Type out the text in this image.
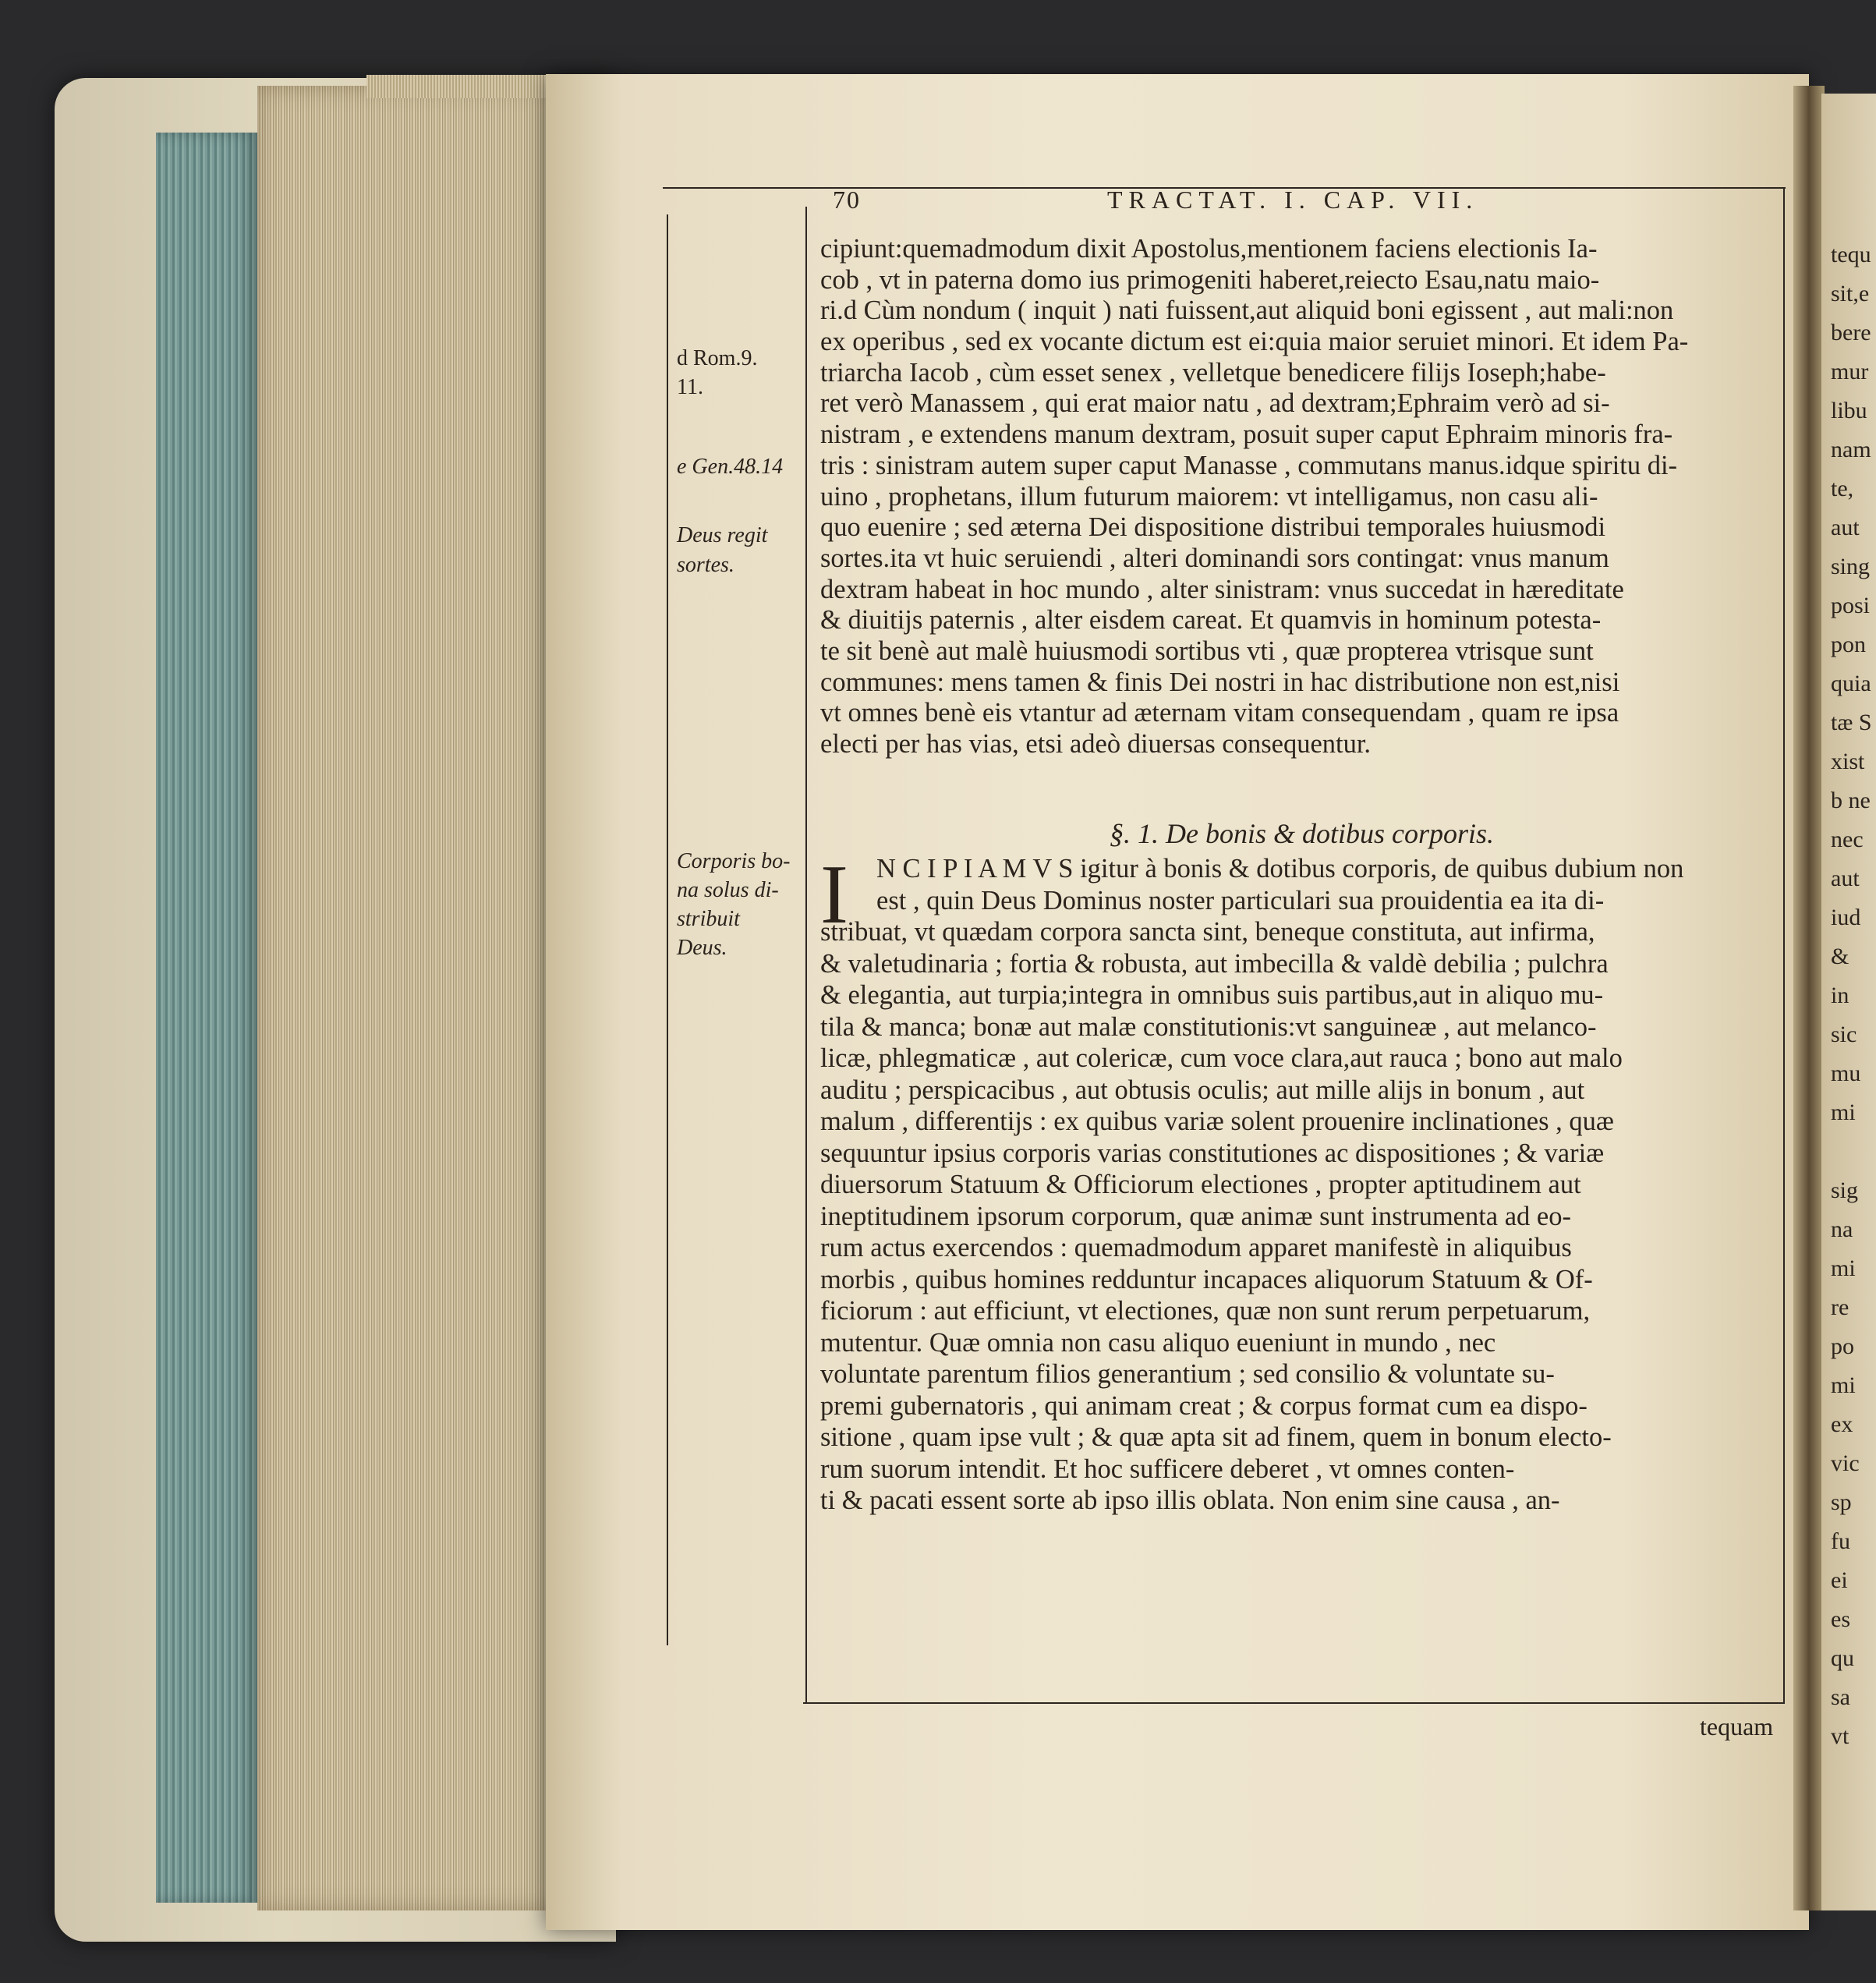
70	TRACTAT. I. CAP. VII.
d Rom.9.
11.
e Gen.48.14
Deus regit
sortes.
Corporis bo-
na solus di-
stribuit
Deus.
cipiunt:quemadmodum dixit Apostolus,mentionem faciens electionis Ia-
cob , vt in paterna domo ius primogeniti haberet,reiecto Esau,natu maio-
ri.d Cùm nondum ( inquit ) nati fuissent,aut aliquid boni egissent , aut mali:non
ex operibus , sed ex vocante dictum est ei:quia maior seruiet minori. Et idem Pa-
triarcha Iacob , cùm esset senex , velletque benedicere filijs Ioseph;habe-
ret verò Manassem , qui erat maior natu , ad dextram;Ephraim verò ad si-
nistram , e extendens manum dextram, posuit super caput Ephraim minoris fra-
tris : sinistram autem super caput Manasse , commutans manus.idque spiritu di-
uino , prophetans, illum futurum maiorem: vt intelligamus, non casu ali-
quo euenire ; sed æterna Dei dispositione distribui temporales huiusmodi
sortes.ita vt huic seruiendi , alteri dominandi sors contingat: vnus manum
dextram habeat in hoc mundo , alter sinistram: vnus succedat in hæreditate
& diuitijs paternis , alter eisdem careat. Et quamvis in hominum potesta-
te sit benè aut malè huiusmodi sortibus vti , quæ propterea vtrisque sunt
communes: mens tamen & finis Dei nostri in hac distributione non est,nisi
vt omnes benè eis vtantur ad æternam vitam consequendam , quam re ipsa
electi per has vias, etsi adeò diuersas consequentur.
§. 1. De bonis & dotibus corporis.
I	N C I P I A M V S igitur à bonis & dotibus corporis, de quibus dubium non
est , quin Deus Dominus noster particulari sua prouidentia ea ita di-
stribuat, vt quædam corpora sancta sint, beneque constituta, aut infirma,
& valetudinaria ; fortia & robusta, aut imbecilla & valdè debilia ; pulchra
& elegantia, aut turpia;integra in omnibus suis partibus,aut in aliquo mu-
tila & manca; bonæ aut malæ constitutionis:vt sanguineæ , aut melanco-
licæ, phlegmaticæ , aut colericæ, cum voce clara,aut rauca ; bono aut malo
auditu ; perspicacibus , aut obtusis oculis; aut mille alijs in bonum , aut
malum , differentijs : ex quibus variæ solent prouenire inclinationes , quæ
sequuntur ipsius corporis varias constitutiones ac dispositiones ; & variæ
diuersorum Statuum & Officiorum electiones , propter aptitudinem aut
ineptitudinem ipsorum corporum, quæ animæ sunt instrumenta ad eo-
rum actus exercendos : quemadmodum apparet manifestè in aliquibus
morbis , quibus homines redduntur incapaces aliquorum Statuum & Of-
ficiorum : aut efficiunt, vt electiones, quæ non sunt rerum perpetuarum,
mutentur. Quæ omnia non casu aliquo eueniunt in mundo , nec
voluntate parentum filios generantium ; sed consilio & voluntate su-
premi gubernatoris , qui animam creat ; & corpus format cum ea dispo-
sitione , quam ipse vult ; & quæ apta sit ad finem, quem in bonum electo-
rum suorum intendit. Et hoc sufficere deberet , vt omnes conten-
ti & pacati essent sorte ab ipso illis oblata. Non enim sine causa , an-
tequam
tequ
sit,e
bere
mur
libu
nam
te,
aut
sing
posi
pon
quia
tæ S
xist
b ne
nec
aut
iud
&
in
sic
mu
mi
sig
na
mi
re
po
mi
ex
vic
sp
fu
ei
es
qu
sa
vt
